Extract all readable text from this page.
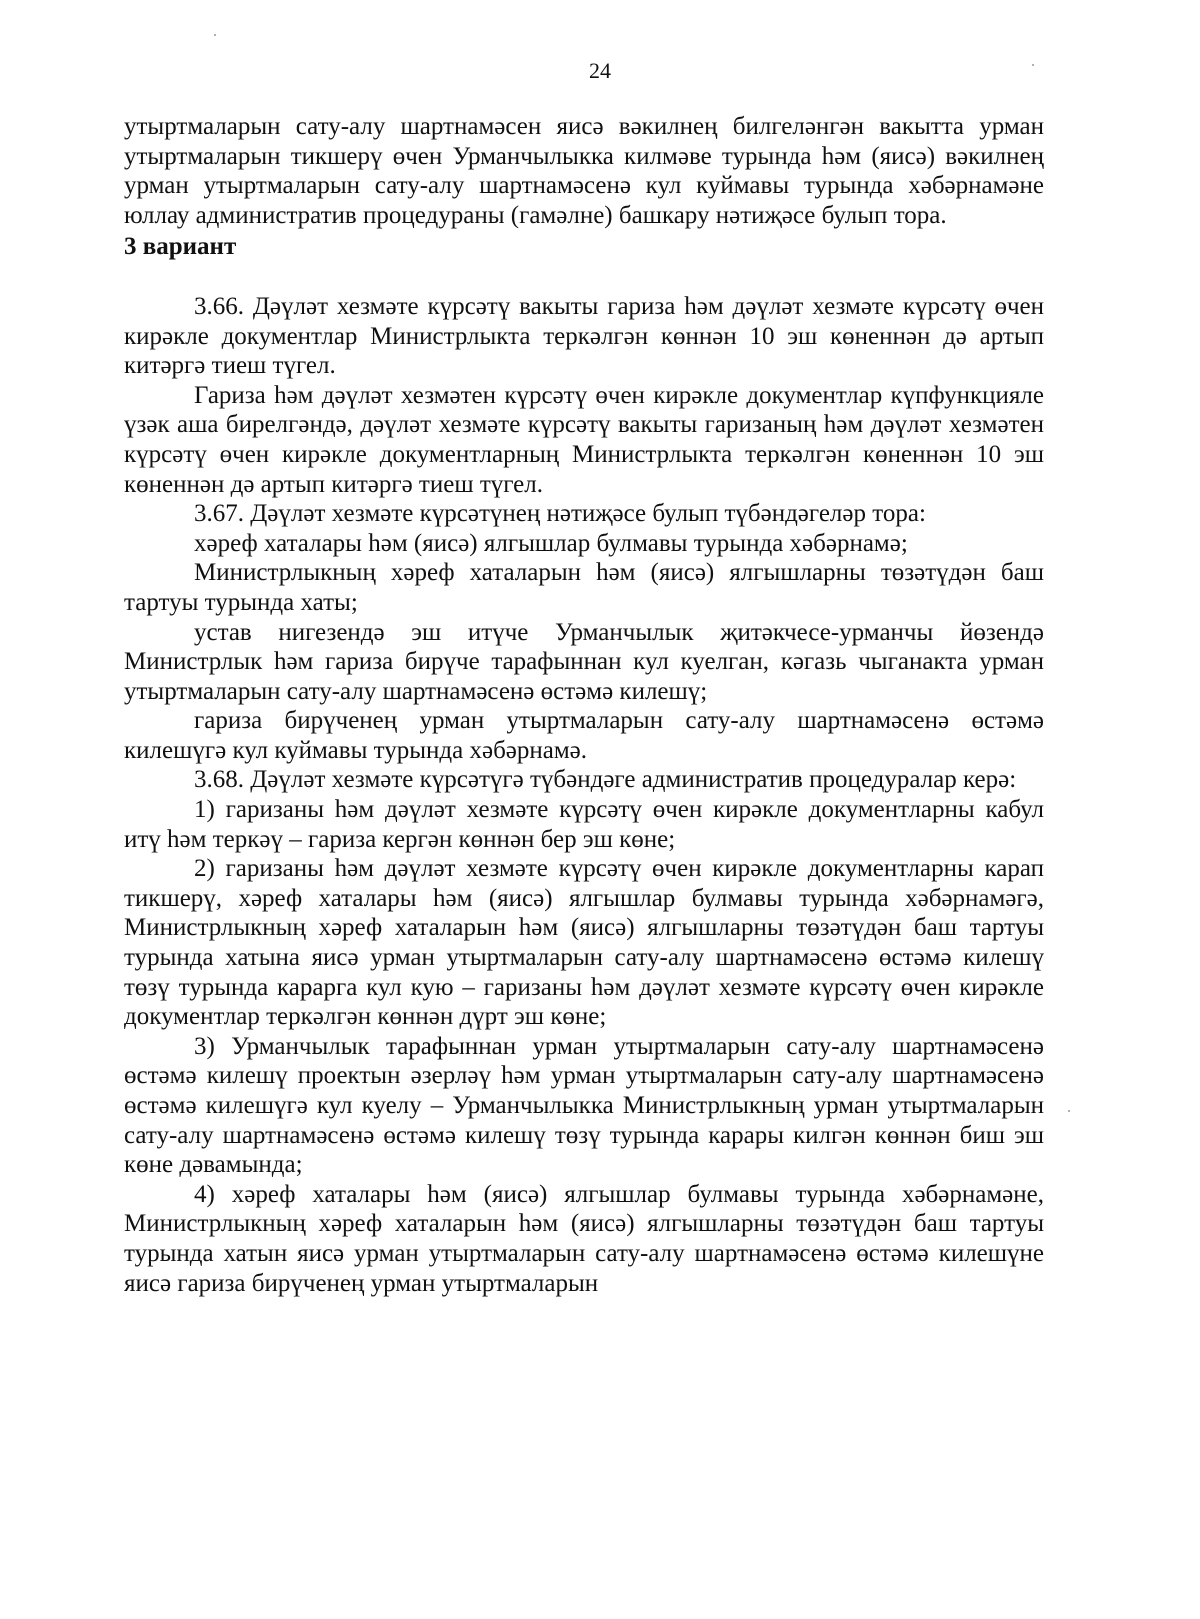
24

утыртмаларын сату-алу шартнамәсен яисә вәкилнең билгеләнгән вакытта урман утыртмаларын тикшерү өчен Урманчылыкка килмәве турында һәм (яисә) вәкилнең урман утыртмаларын сату-алу шартнамәсенә кул куймавы турында хәбәрнамәне юллау административ процедураны (гамәлне) башкару нәтиҗәсе булып тора.

3 вариант

3.66. Дәүләт хезмәте күрсәтү вакыты гариза һәм дәүләт хезмәте күрсәтү өчен кирәкле документлар Министрлыкта теркәлгән көннән 10 эш көненнән дә артып китәргә тиеш түгел.

Гариза һәм дәүләт хезмәтен күрсәтү өчен кирәкле документлар күпфункцияле үзәк аша бирелгәндә, дәүләт хезмәте күрсәтү вакыты гаризаның һәм дәүләт хезмәтен күрсәтү өчен кирәкле документларның Министрлыкта теркәлгән көненнән 10 эш көненнән дә артып китәргә тиеш түгел.

3.67. Дәүләт хезмәте күрсәтүнең нәтиҗәсе булып түбәндәгеләр тора:

хәреф хаталары һәм (яисә) ялгышлар булмавы турында хәбәрнамә;

Министрлыкның хәреф хаталарын һәм (яисә) ялгышларны төзәтүдән баш тартуы турында хаты;

устав нигезендә эш итүче Урманчылык җитәкчесе-урманчы йөзендә Министрлык һәм гариза бирүче тарафыннан кул куелган, кәгазь чыганакта урман утыртмаларын сату-алу шартнамәсенә өстәмә килешү;

гариза бирүченең урман утыртмаларын сату-алу шартнамәсенә өстәмә килешүгә кул куймавы турында хәбәрнамә.

3.68. Дәүләт хезмәте күрсәтүгә түбәндәге административ процедуралар керә:

1) гаризаны һәм дәүләт хезмәте күрсәтү өчен кирәкле документларны кабул итү һәм теркәү – гариза кергән көннән бер эш көне;

2) гаризаны һәм дәүләт хезмәте күрсәтү өчен кирәкле документларны карап тикшерү, хәреф хаталары һәм (яисә) ялгышлар булмавы турында хәбәрнамәгә, Министрлыкның хәреф хаталарын һәм (яисә) ялгышларны төзәтүдән баш тартуы турында хатына яисә урман утыртмаларын сату-алу шартнамәсенә өстәмә килешү төзү турында карарга кул кую – гаризаны һәм дәүләт хезмәте күрсәтү өчен кирәкле документлар теркәлгән көннән дүрт эш көне;

3) Урманчылык тарафыннан урман утыртмаларын сату-алу шартнамәсенә өстәмә килешү проектын әзерләү һәм урман утыртмаларын сату-алу шартнамәсенә өстәмә килешүгә кул куелу – Урманчылыкка Министрлыкның урман утыртмаларын сату-алу шартнамәсенә өстәмә килешү төзү турында карары килгән көннән биш эш көне дәвамында;

4) хәреф хаталары һәм (яисә) ялгышлар булмавы турында хәбәрнамәне, Министрлыкның хәреф хаталарын һәм (яисә) ялгышларны төзәтүдән баш тартуы турында хатын яисә урман утыртмаларын сату-алу шартнамәсенә өстәмә килешүне яисә гариза бирүченең урман утыртмаларын
